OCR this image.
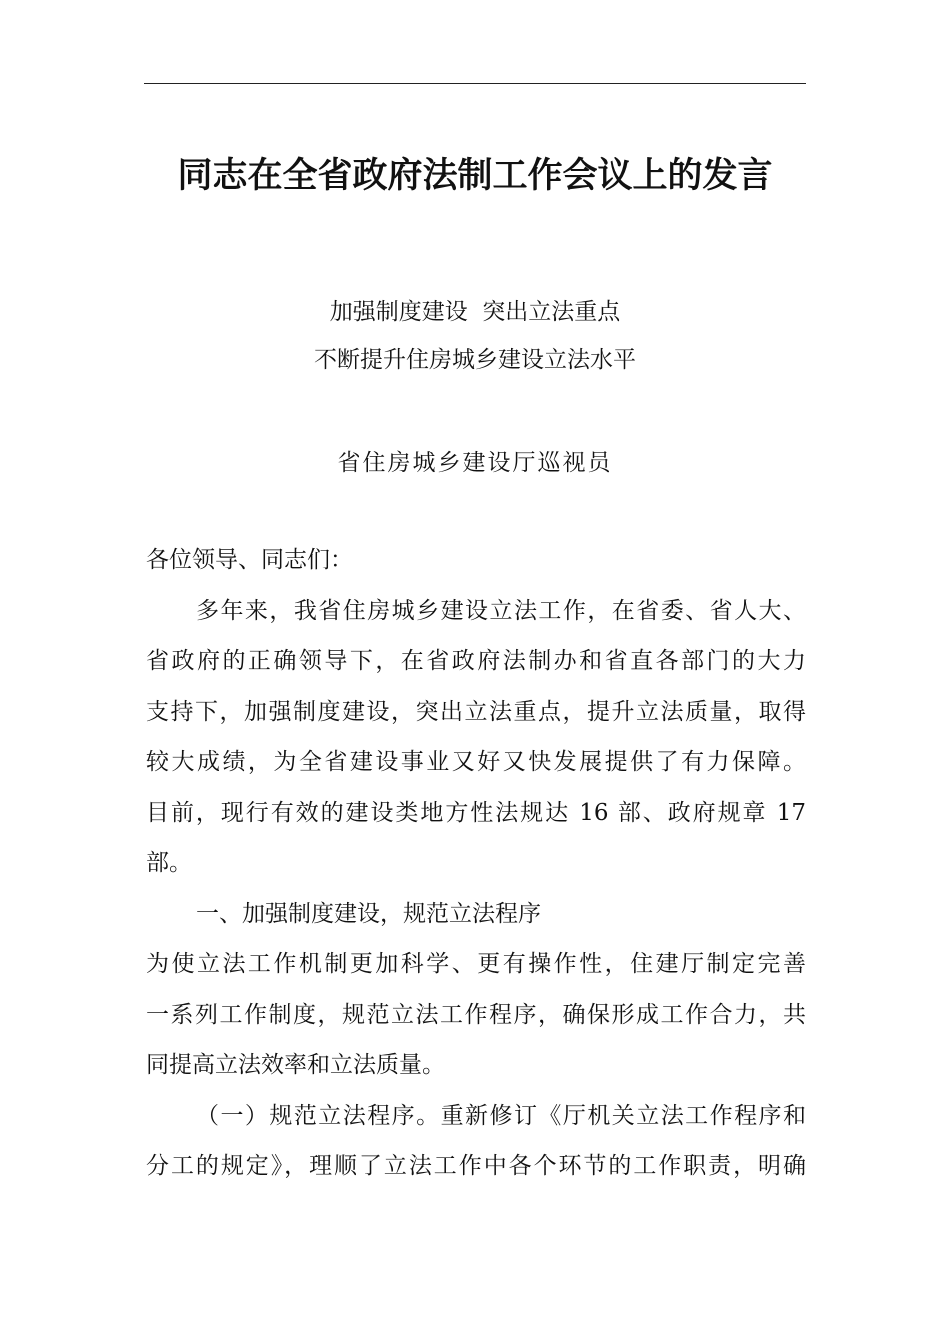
同志在全省政府法制工作会议上的发言
加强制度建设  突出立法重点
不断提升住房城乡建设立法水平
省住房城乡建设厅巡视员
各位领导、同志们：
多年来，我省住房城乡建设立法工作，在省委、省人大、
省政府的正确领导下，在省政府法制办和省直各部门的大力
支持下，加强制度建设，突出立法重点，提升立法质量，取得
较大成绩，为全省建设事业又好又快发展提供了有力保障。
目前，现行有效的建设类地方性法规达 16 部、政府规章 17
部。
一、加强制度建设，规范立法程序
为使立法工作机制更加科学、更有操作性，住建厅制定完善
一系列工作制度，规范立法工作程序，确保形成工作合力，共
同提高立法效率和立法质量。
（一）规范立法程序。重新修订《厅机关立法工作程序和
分工的规定》，理顺了立法工作中各个环节的工作职责，明确
